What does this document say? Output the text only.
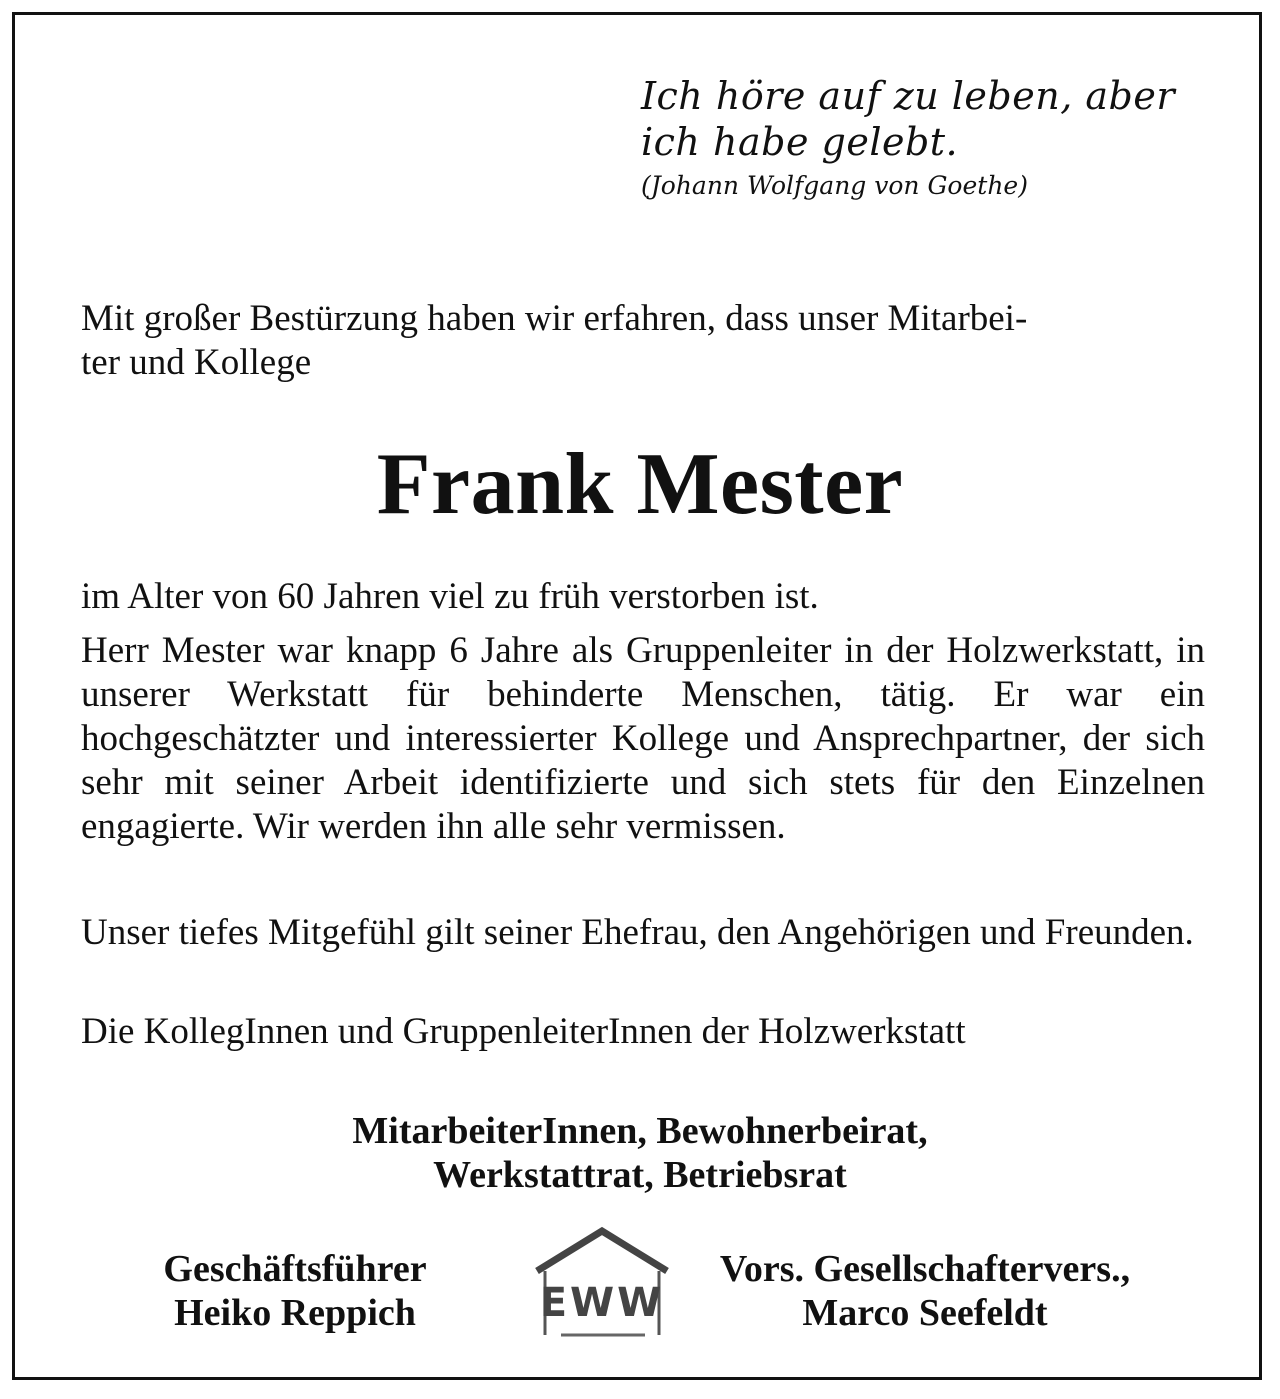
Ich höre auf zu leben, aber
ich habe gelebt.
(Johann Wolfgang von Goethe)
Mit großer Bestürzung haben wir erfahren, dass unser Mitarbei-
ter und Kollege
Frank Mester
im Alter von 60 Jahren viel zu früh verstorben ist.
Herr Mester war knapp 6 Jahre als Gruppenleiter in der Holzwerkstatt, in unserer Werkstatt für behinderte Menschen, tätig. Er war ein hochgeschätzter und interessierter Kollege und Ansprechpartner, der sich sehr mit seiner Arbeit identifizierte und sich stets für den Einzelnen engagierte. Wir werden ihn alle sehr vermissen.
Unser tiefes Mitgefühl gilt seiner Ehefrau, den Angehörigen und Freunden.
Die KollegInnen und GruppenleiterInnen der Holzwerkstatt
MitarbeiterInnen, Bewohnerbeirat,
Werkstattrat, Betriebsrat
Geschäftsführer
Heiko Reppich	EWW
Vors. Gesellschaftervers.,
Marco Seefeldt
